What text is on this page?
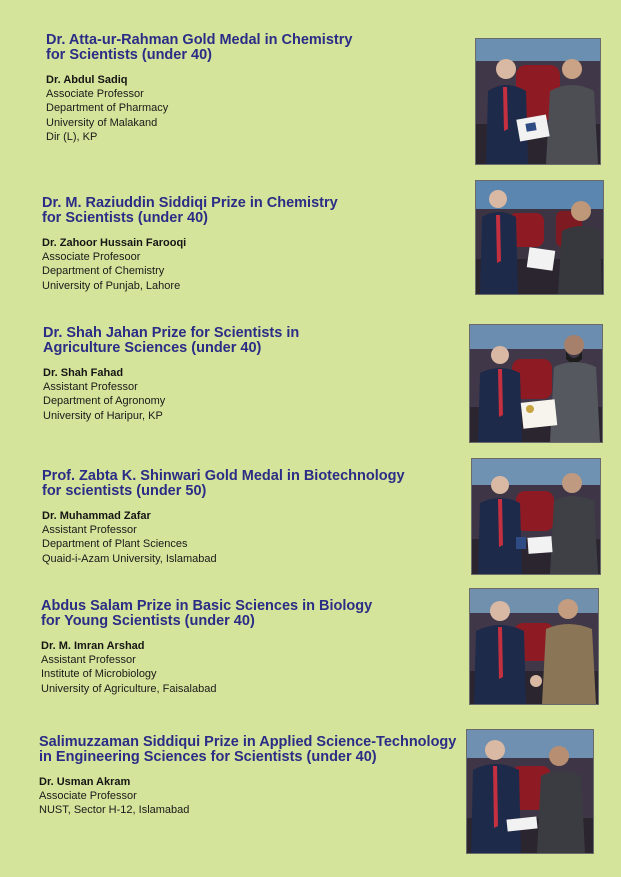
Dr. Atta-ur-Rahman Gold Medal in Chemistry
for Scientists (under 40)
Dr. Abdul Sadiq
Associate Professor
Department of Pharmacy
University of Malakand
Dir (L), KP
Dr. M. Raziuddin Siddiqi Prize in Chemistry
for Scientists (under 40)
Dr. Zahoor Hussain Farooqi
Associate Profesoor
Department of Chemistry
University of Punjab, Lahore
Dr. Shah Jahan Prize for Scientists in
Agriculture Sciences (under 40)
Dr. Shah Fahad
Assistant Professor
Department of Agronomy
University of Haripur, KP
Prof. Zabta K. Shinwari Gold Medal in Biotechnology
for scientists (under 50)
Dr. Muhammad Zafar
Assistant Professor
Department of Plant Sciences
Quaid-i-Azam University, Islamabad
Abdus Salam Prize in Basic Sciences in Biology
for Young Scientists (under 40)
Dr. M. Imran Arshad
Assistant Professor
Institute of Microbiology
University of Agriculture, Faisalabad
Salimuzzaman Siddiqui Prize in Applied Science-Technology
in Engineering Sciences for Scientists (under 40)
Dr. Usman Akram
Associate Professor
NUST, Sector H-12, Islamabad
